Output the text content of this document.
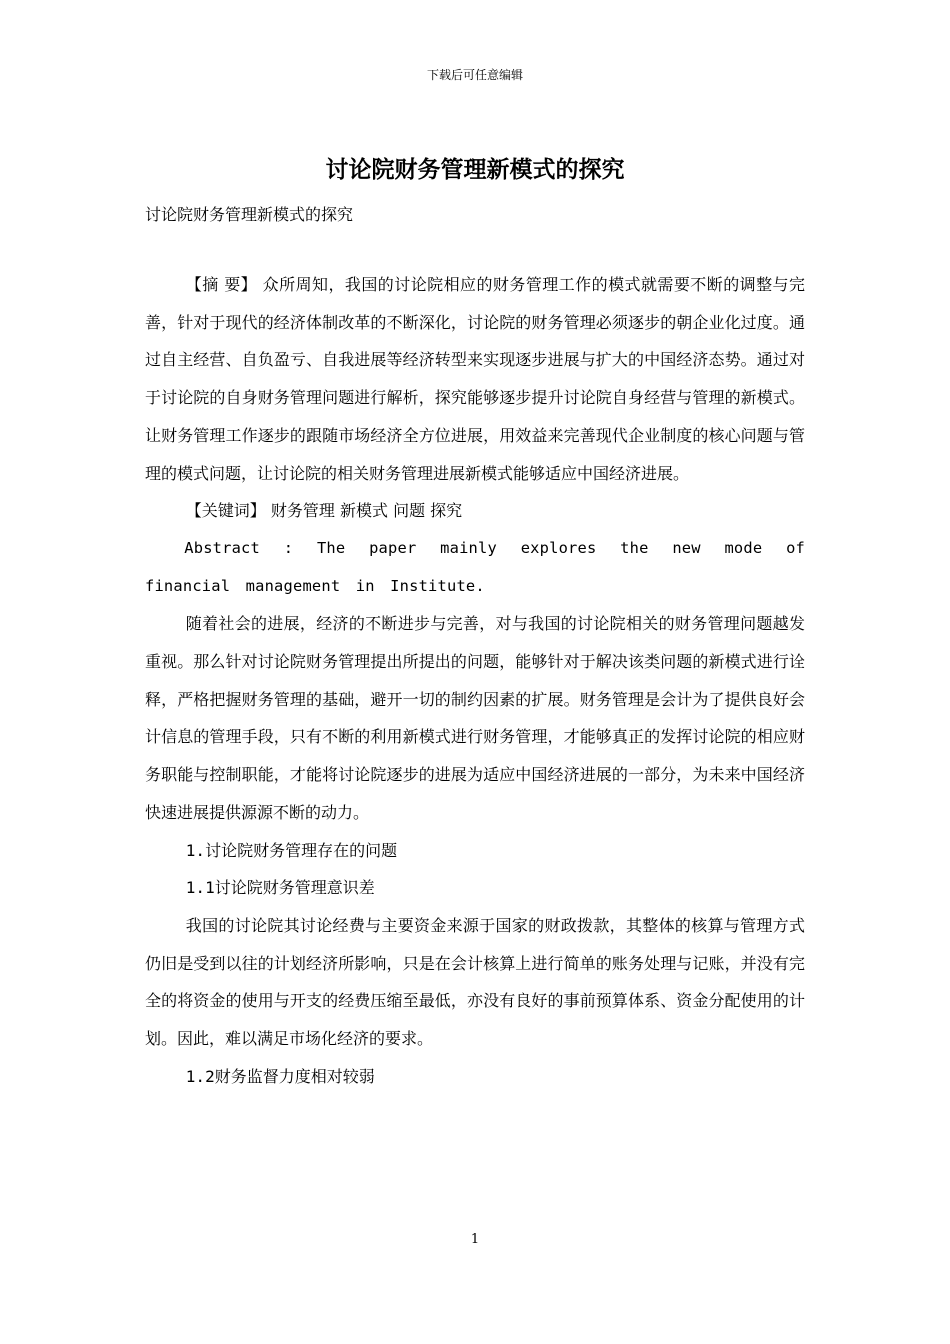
下载后可任意编辑
讨论院财务管理新模式的探究

讨论院财务管理新模式的探究

【摘 要】 众所周知，我国的讨论院相应的财务管理工作的模式就需要不断的调整与完善，针对于现代的经济体制改革的不断深化，讨论院的财务管理必须逐步的朝企业化过度。通过自主经营、自负盈亏、自我进展等经济转型来实现逐步进展与扩大的中国经济态势。通过对于讨论院的自身财务管理问题进行解析，探究能够逐步提升讨论院自身经营与管理的新模式。让财务管理工作逐步的跟随市场经济全方位进展，用效益来完善现代企业制度的核心问题与管理的模式问题，让讨论院的相关财务管理进展新模式能够适应中国经济进展。

【关键词】 财务管理 新模式 问题 探究

Abstract : The paper mainly explores the new mode of financial management in Institute.

随着社会的进展，经济的不断进步与完善，对与我国的讨论院相关的财务管理问题越发重视。那么针对讨论院财务管理提出所提出的问题，能够针对于解决该类问题的新模式进行诠释，严格把握财务管理的基础，避开一切的制约因素的扩展。财务管理是会计为了提供良好会计信息的管理手段，只有不断的利用新模式进行财务管理，才能够真正的发挥讨论院的相应财务职能与控制职能，才能将讨论院逐步的进展为适应中国经济进展的一部分，为未来中国经济快速进展提供源源不断的动力。

1.讨论院财务管理存在的问题

1.1讨论院财务管理意识差

我国的讨论院其讨论经费与主要资金来源于国家的财政拨款，其整体的核算与管理方式仍旧是受到以往的计划经济所影响，只是在会计核算上进行简单的账务处理与记账，并没有完全的将资金的使用与开支的经费压缩至最低，亦没有良好的事前预算体系、资金分配使用的计划。因此，难以满足市场化经济的要求。

1.2财务监督力度相对较弱

1
